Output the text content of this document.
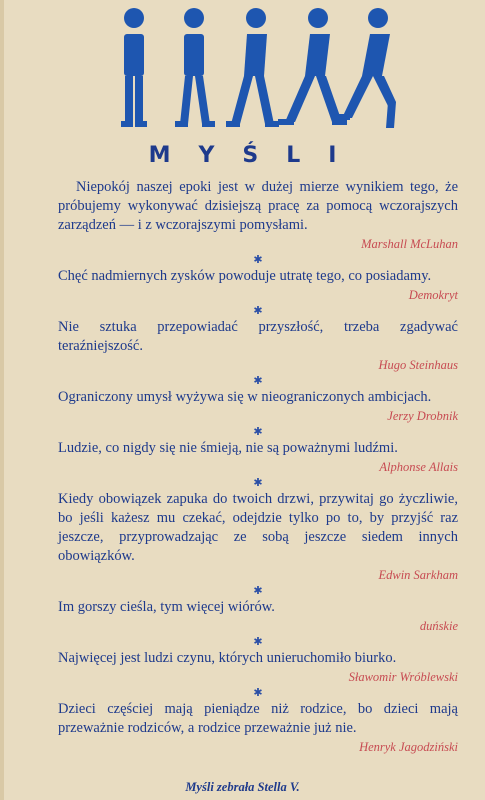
MYŚLI
Niepokój naszej epoki jest w dużej mierze wynikiem tego, że próbujemy wykonywać dzisiejszą pracę za pomocą wczorajszych zarządzeń — i z wczorajszymi pomysłami.
Marshall McLuhan
✱
Chęć nadmiernych zysków powoduje utratę tego, co posiadamy.
Demokryt
✱
Nie sztuka przepowiadać przyszłość, trzeba zgadywać teraźniejszość.
Hugo Steinhaus
✱
Ograniczony umysł wyżywa się w nieograniczonych ambicjach.
Jerzy Drobnik
✱
Ludzie, co nigdy się nie śmieją, nie są poważnymi ludźmi.
Alphonse Allais
✱
Kiedy obowiązek zapuka do twoich drzwi, przywitaj go życzliwie, bo jeśli każesz mu czekać, odejdzie tylko po to, by przyjść raz jeszcze, przyprowadzając ze sobą jeszcze siedem innych obowiązków.
Edwin Sarkham
✱
Im gorszy cieśla, tym więcej wiórów.
duńskie
✱
Najwięcej jest ludzi czynu, których unieruchomiło biurko.
Sławomir Wróblewski
✱
Dzieci częściej mają pieniądze niż rodzice, bo dzieci mają przeważnie rodziców, a rodzice przeważnie już nie.
Henryk Jagodziński
Myśli zebrała Stella V.
